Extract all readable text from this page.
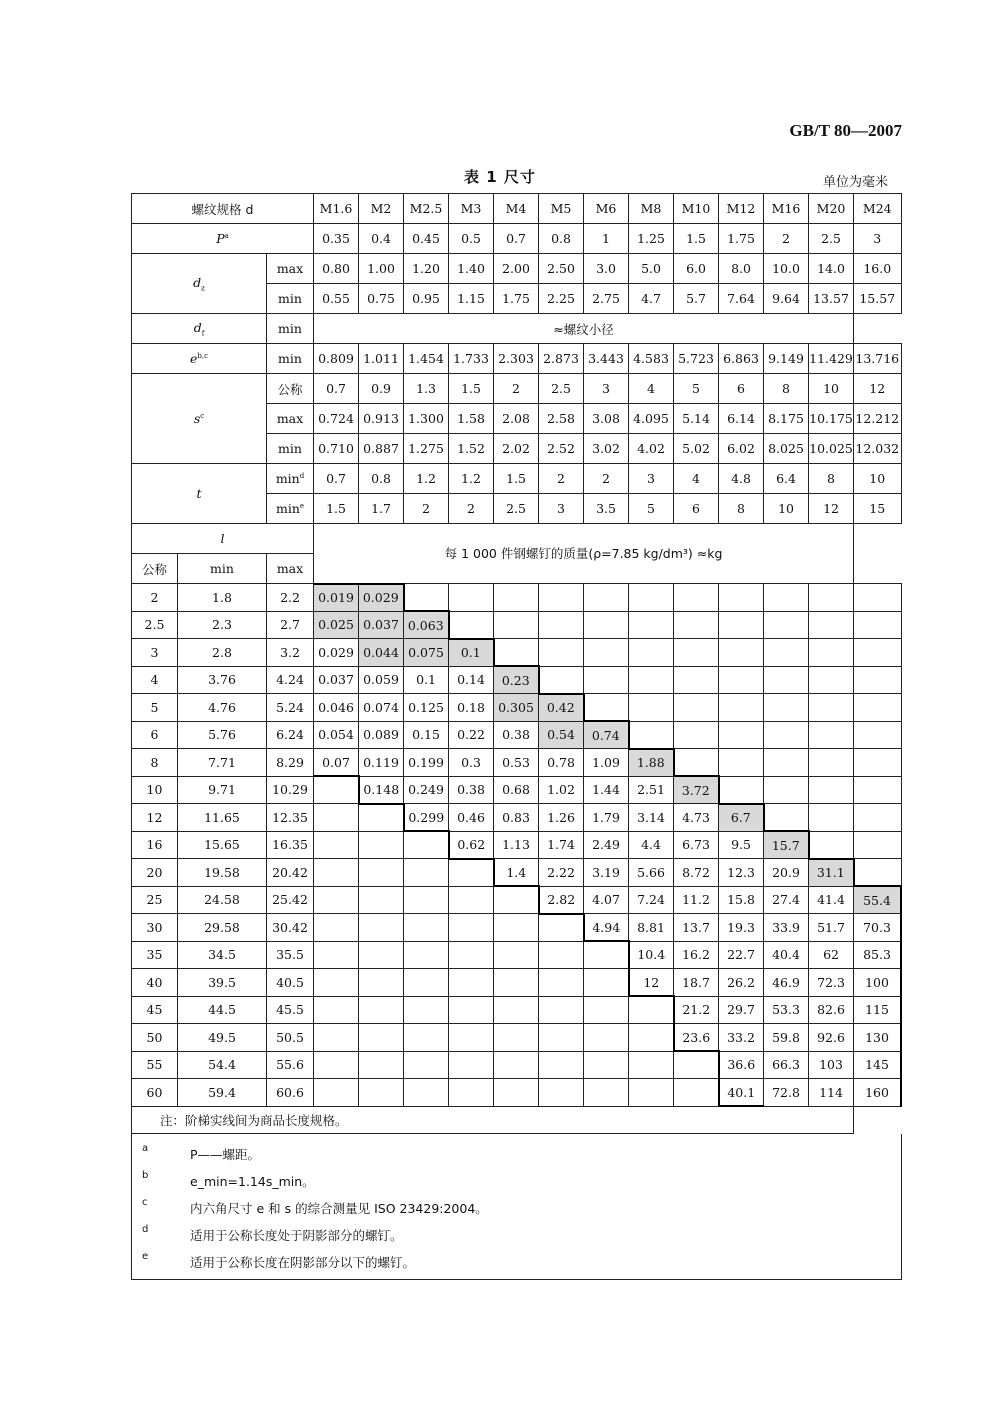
GB/T 80—2007
表 1 尺寸	单位为毫米
螺纹规格 d			M1.6	M2	M2.5	M3	M4	M5	M6	M8	M10	M12	M16	M20	M24
$P^a$			0.35	0.4	0.45	0.5	0.7	0.8	1	1.25	1.5	1.75	2	2.5	3
$d_z$		max	0.80	1.00	1.20	1.40	2.00	2.50	3.0	5.0	6.0	8.0	10.0	14.0	16.0
		min	0.55	0.75	0.95	1.15	1.75	2.25	2.75	4.7	5.7	7.64	9.64	13.57	15.57
$d_f$		min	≈螺纹小径												
$e^{b,c}$		min	0.809	1.011	1.454	1.733	2.303	2.873	3.443	4.583	5.723	6.863	9.149	11.429	13.716
$s^c$		公称	0.7	0.9	1.3	1.5	2	2.5	3	4	5	6	8	10	12
		max	0.724	0.913	1.300	1.58	2.08	2.58	3.08	4.095	5.14	6.14	8.175	10.175	12.212
		min	0.710	0.887	1.275	1.52	2.02	2.52	3.02	4.02	5.02	6.02	8.025	10.025	12.032
t		$\min^d$	0.7	0.8	1.2	1.2	1.5	2	2	3	4	4.8	6.4	8	10
		$\min^e$	1.5	1.7	2	2	2.5	3	3.5	5	6	8	10	12	15
l			每 1 000 件钢螺钉的质量(ρ=7.85 kg/dm³) ≈kg												
公称	min	max													
2	1.8	2.2	0.019	0.029											
2.5	2.3	2.7	0.025	0.037	0.063										
3	2.8	3.2	0.029	0.044	0.075	0.1									
4	3.76	4.24	0.037	0.059	0.1	0.14	0.23								
5	4.76	5.24	0.046	0.074	0.125	0.18	0.305	0.42							
6	5.76	6.24	0.054	0.089	0.15	0.22	0.38	0.54	0.74						
8	7.71	8.29	0.07	0.119	0.199	0.3	0.53	0.78	1.09	1.88					
10	9.71	10.29		0.148	0.249	0.38	0.68	1.02	1.44	2.51	3.72				
12	11.65	12.35			0.299	0.46	0.83	1.26	1.79	3.14	4.73	6.7			
16	15.65	16.35				0.62	1.13	1.74	2.49	4.4	6.73	9.5	15.7		
20	19.58	20.42					1.4	2.22	3.19	5.66	8.72	12.3	20.9	31.1	
25	24.58	25.42						2.82	4.07	7.24	11.2	15.8	27.4	41.4	55.4
30	29.58	30.42							4.94	8.81	13.7	19.3	33.9	51.7	70.3
35	34.5	35.5								10.4	16.2	22.7	40.4	62	85.3
40	39.5	40.5								12	18.7	26.2	46.9	72.3	100
45	44.5	45.5									21.2	29.7	53.3	82.6	115
50	49.5	50.5									23.6	33.2	59.8	92.6	130
55	54.4	55.6										36.6	66.3	103	145
60	59.4	60.6										40.1	72.8	114	160
注：阶梯实线间为商品长度规格。															
a	P——螺距。
b	e_min=1.14s_min。
c	内六角尺寸 e 和 s 的综合测量见 ISO 23429:2004。
d	适用于公称长度处于阴影部分的螺钉。
e	适用于公称长度在阴影部分以下的螺钉。
